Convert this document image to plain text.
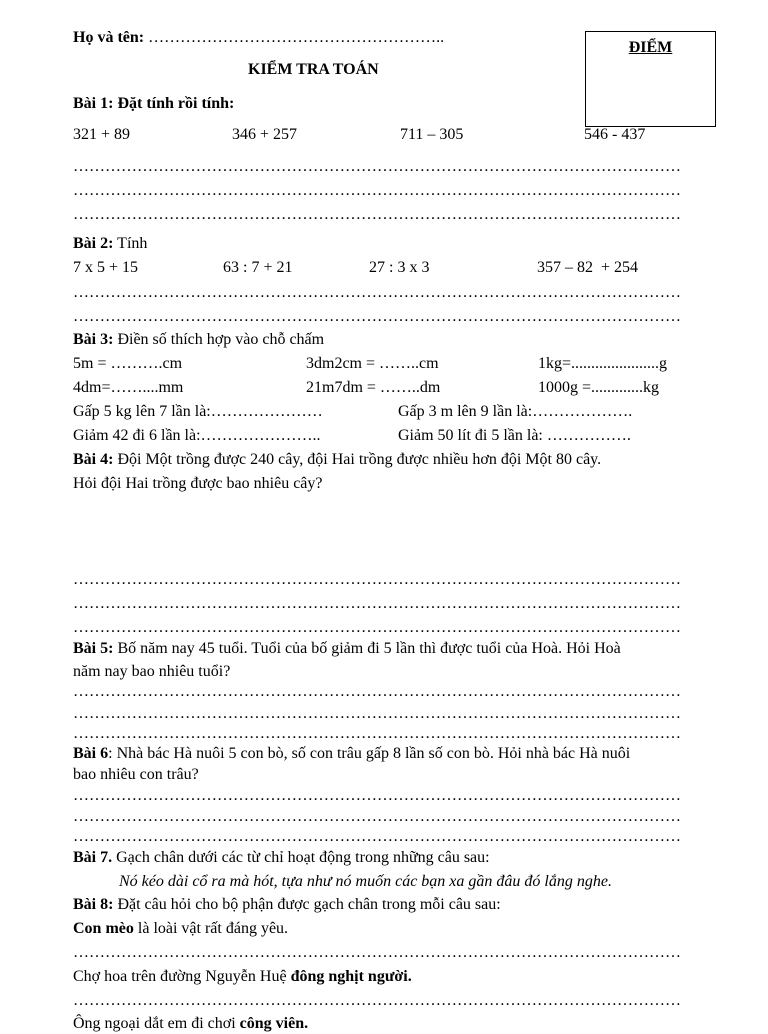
Họ và tên: ………………………………………………..
KIỂM TRA TOÁN
ĐIỂM
Bài 1: Đặt tính rồi tính:
321 + 89	346 + 257	711 – 305	546 - 437
……………………………………………………………………………………………………
……………………………………………………………………………………………………
……………………………………………………………………………………………………
Bài 2: Tính
7 x 5 + 15	63 : 7 + 21	27 : 3 x 3	357 – 82  + 254
……………………………………………………………………………………………………
……………………………………………………………………………………………………
Bài 3: Điền số thích hợp vào chỗ chấm
5m = ……….cm	3dm2cm = ……..cm	1kg=......................g
4dm=……....mm	21m7dm = ……..dm	1000g =.............kg
Gấp 5 kg lên 7 lần là:…………………	Gấp 3 m lên 9 lần là:……………….
Giảm 42 đi 6 lần là:…………………..	Giảm 50 lít đi 5 lần là: …………….
Bài 4: Đội Một trồng được 240 cây, đội Hai trồng được nhiều hơn đội Một 80 cây.
Hỏi đội Hai trồng được bao nhiêu cây?
……………………………………………………………………………………………………
……………………………………………………………………………………………………
……………………………………………………………………………………………………
Bài 5: Bố năm nay 45 tuổi. Tuổi của bố giảm đi 5 lần thì được tuổi của Hoà. Hỏi Hoà
năm nay bao nhiêu tuổi?
……………………………………………………………………………………………………
……………………………………………………………………………………………………
……………………………………………………………………………………………………
Bài 6: Nhà bác Hà nuôi 5 con bò, số con trâu gấp 8 lần số con bò. Hỏi nhà bác Hà nuôi
bao nhiêu con trâu?
……………………………………………………………………………………………………
……………………………………………………………………………………………………
……………………………………………………………………………………………………
Bài 7. Gạch chân dưới các từ chỉ hoạt động trong những câu sau:
Nó kéo dài cổ ra mà hót, tựa như nó muốn các bạn xa gần đâu đó lắng nghe.
Bài 8: Đặt câu hỏi cho bộ phận được gạch chân trong mỗi câu sau:
Con mèo là loài vật rất đáng yêu.
……………………………………………………………………………………………………
Chợ hoa trên đường Nguyễn Huệ đông nghịt người.
……………………………………………………………………………………………………
Ông ngoại dắt em đi chơi công viên.
